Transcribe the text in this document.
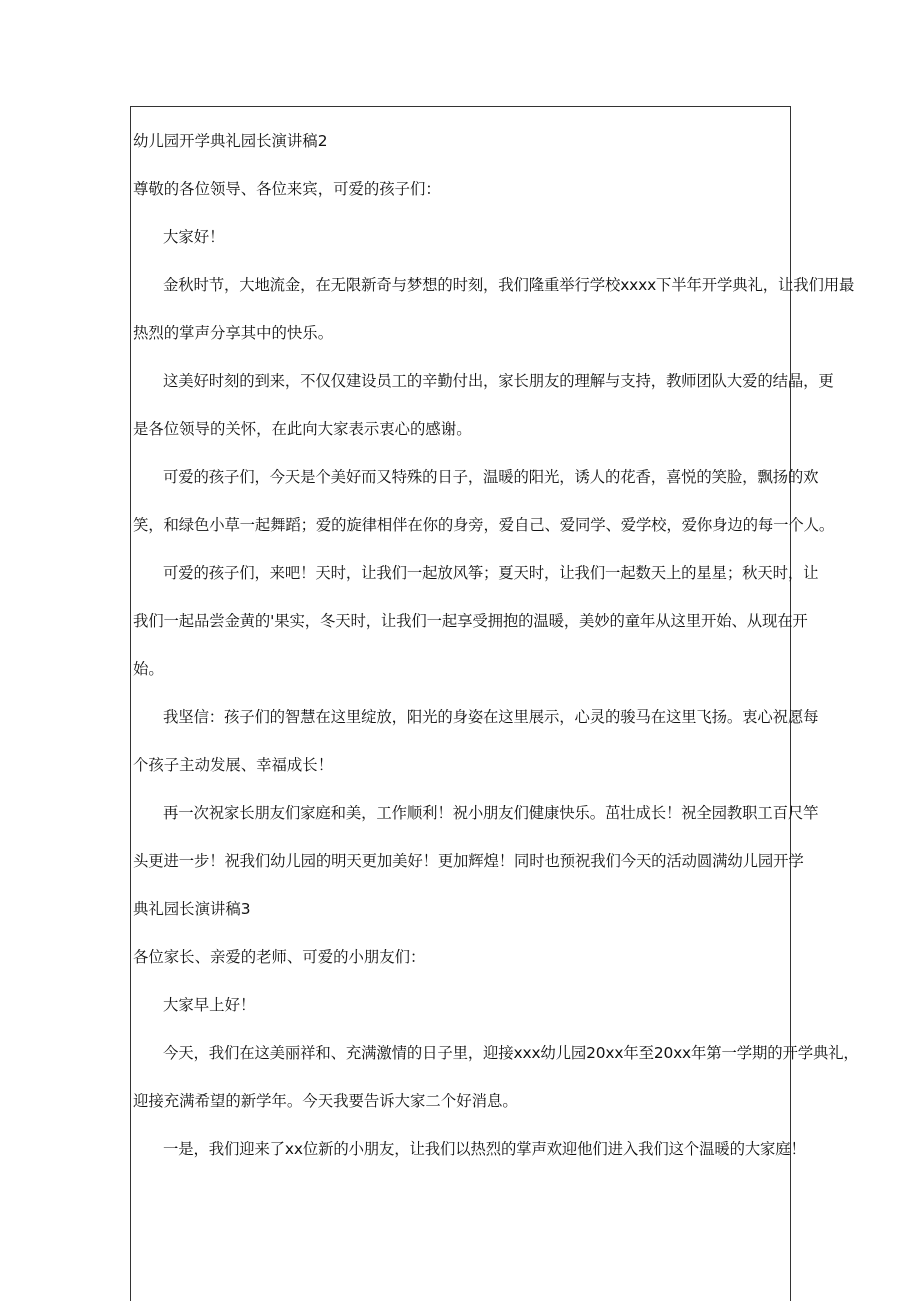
幼儿园开学典礼园长演讲稿2
尊敬的各位领导、各位来宾，可爱的孩子们：
大家好！
金秋时节，大地流金，在无限新奇与梦想的时刻，我们隆重举行学校xxxx下半年开学典礼，让我们用最
热烈的掌声分享其中的快乐。
这美好时刻的到来，不仅仅建设员工的辛勤付出，家长朋友的理解与支持，教师团队大爱的结晶，更
是各位领导的关怀，在此向大家表示衷心的感谢。
可爱的孩子们，今天是个美好而又特殊的日子，温暖的阳光，诱人的花香，喜悦的笑脸，飘扬的欢
笑，和绿色小草一起舞蹈；爱的旋律相伴在你的身旁，爱自己、爱同学、爱学校，爱你身边的每一个人。
可爱的孩子们，来吧！天时，让我们一起放风筝；夏天时，让我们一起数天上的星星；秋天时，让
我们一起品尝金黄的'果实，冬天时，让我们一起享受拥抱的温暖，美妙的童年从这里开始、从现在开
始。
我坚信：孩子们的智慧在这里绽放，阳光的身姿在这里展示，心灵的骏马在这里飞扬。衷心祝愿每
个孩子主动发展、幸福成长！
再一次祝家长朋友们家庭和美，工作顺利！祝小朋友们健康快乐。茁壮成长！祝全园教职工百尺竿
头更进一步！祝我们幼儿园的明天更加美好！更加辉煌！同时也预祝我们今天的活动圆满幼儿园开学
典礼园长演讲稿3
各位家长、亲爱的老师、可爱的小朋友们：
大家早上好！
今天，我们在这美丽祥和、充满激情的日子里，迎接xxx幼儿园20xx年至20xx年第一学期的开学典礼，
迎接充满希望的新学年。今天我要告诉大家二个好消息。
一是，我们迎来了xx位新的小朋友，让我们以热烈的掌声欢迎他们进入我们这个温暖的大家庭！
